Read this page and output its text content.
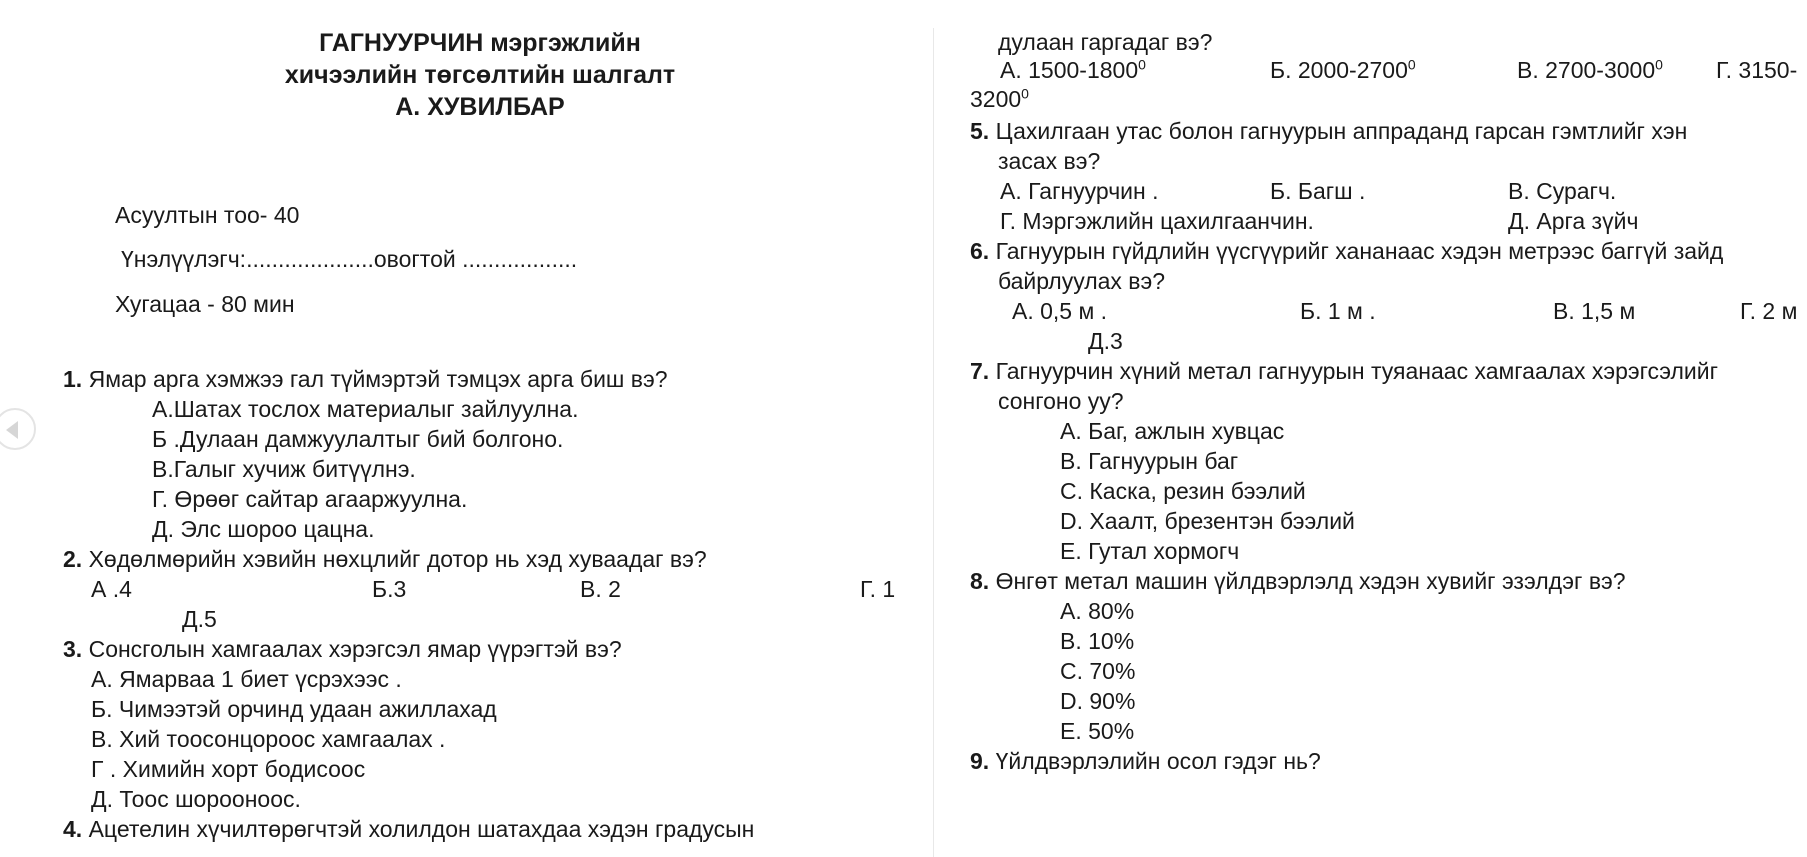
ГАГНУУРЧИН мэргэжлийн
хичээлийн төгсөлтийн шалгалт
А. ХУВИЛБАР
Асуултын тоо- 40
Үнэлүүлэгч:....................овогтой ..................
Хугацаа - 80 мин
1. Ямар арга хэмжээ гал түймэртэй тэмцэх арга биш вэ?
А.Шатах тослох материалыг зайлуулна.
Б .Дулаан дамжуулалтыг бий болгоно.
В.Галыг хучиж битүүлнэ.
Г. Өрөөг сайтар агааржуулна.
Д. Элс шороо цацна.
2. Хөдөлмөрийн хэвийн нөхцлийг дотор нь хэд хуваадаг вэ?
А .4	Б.3	В. 2	Г. 1
Д.5
3. Сонсголын хамгаалах хэрэгсэл ямар үүрэгтэй вэ?
А. Ямарваа 1 биет үсрэхээс .
Б. Чимээтэй орчинд удаан ажиллахад
В. Хий тоосонцороос хамгаалах .
Г . Химийн хорт бодисоос
Д. Тоос шорооноос.
4. Ацетелин хүчилтөрөгчтэй холилдон шатахдаа хэдэн градусын
дулаан гаргадаг вэ?
А. 1500-1800$^0$	Б. 2000-2700$^0$	В. 2700-3000$^0$ Г. 3150-
3200$^0$
5. Цахилгаан утас болон гагнуурын аппраданд гарсан гэмтлийг хэн
засах вэ?
А. Гагнуурчин .	Б. Багш .	В. Сурагч.
Г. Мэргэжлийн цахилгаанчин.	Д. Арга зүйч
6. Гагнуурын гүйдлийн үүсгүүрийг хананаас хэдэн метрээс баггүй зайд
байрлуулах вэ?
А. 0,5 м .	Б. 1 м .	В. 1,5 м	Г. 2 м
Д.3
7. Гагнуурчин хүний метал гагнуурын туяанаас хамгаалах хэрэгсэлийг
сонгоно уу?
А. Баг, ажлын хувцас
В. Гагнуурын баг
С. Каска, резин бээлий
D. Хаалт, брезентэн бээлий
Е. Гутал хормогч
8. Өнгөт метал машин үйлдвэрлэлд хэдэн хувийг эзэлдэг вэ?
А. 80%
В. 10%
С. 70%
D. 90%
Е. 50%
9. Үйлдвэрлэлийн осол гэдэг нь?
